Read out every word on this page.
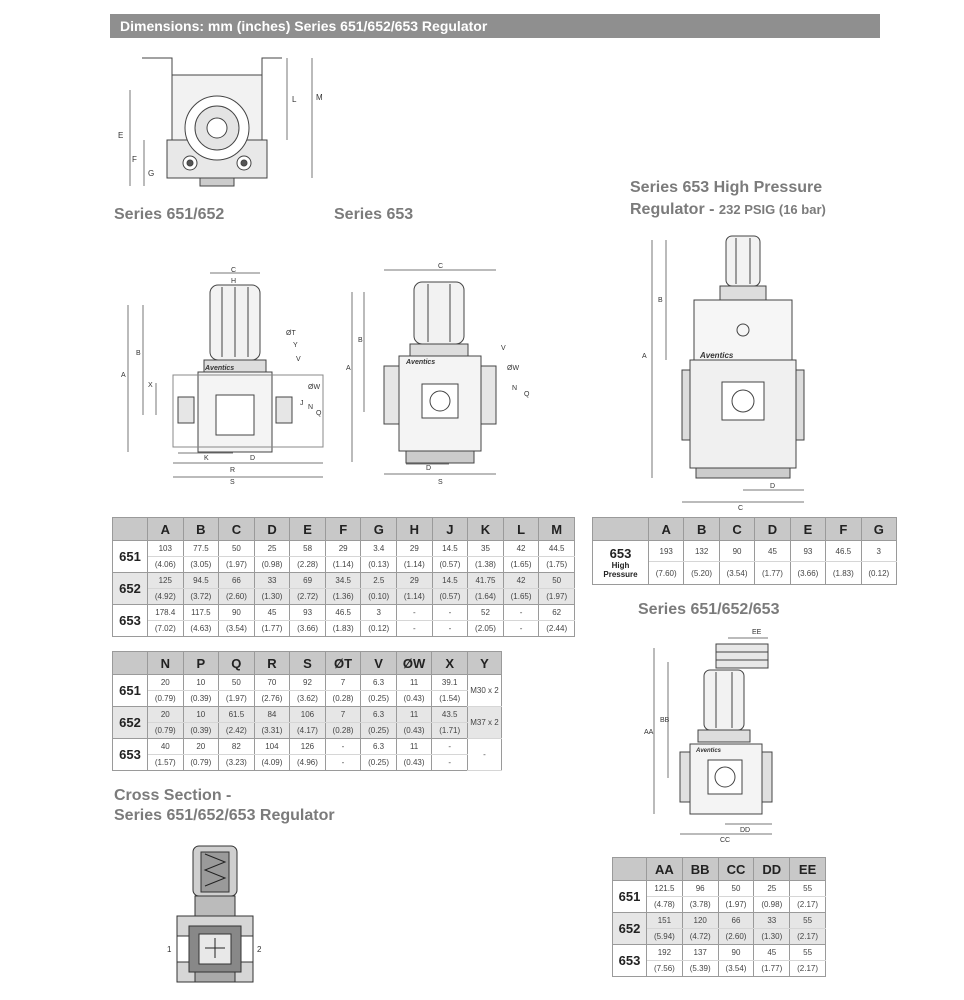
Dimensions: mm (inches) Series 651/652/653 Regulator
L M
E
F
G
Series 651/652	Series 653
Series 653 High Pressure
Regulator - 232 PSIG (16 bar)
Aventics
C
H
B
A
X
ØT
Y
V
ØW
J
N
Q
K	D
R
S
Aventics
C
B
A
V
ØW
N
Q
D
S
Aventics
A
B
C
D
	A	B	C	D	E	F	G	H	J	K	L	M
651	103	77.5	50	25	58	29	3.4	29	14.5	35	42	44.5
	(4.06)	(3.05)	(1.97)	(0.98)	(2.28)	(1.14)	(0.13)	(1.14)	(0.57)	(1.38)	(1.65)	(1.75)
652	125	94.5	66	33	69	34.5	2.5	29	14.5	41.75	42	50
	(4.92)	(3.72)	(2.60)	(1.30)	(2.72)	(1.36)	(0.10)	(1.14)	(0.57)	(1.64)	(1.65)	(1.97)
653	178.4	117.5	90	45	93	46.5	3	-	-	52	-	62
	(7.02)	(4.63)	(3.54)	(1.77)	(3.66)	(1.83)	(0.12)	-	-	(2.05)	-	(2.44)
	A	B	C	D	E	F	G
653
High
Pressure	193	132	90	45	93	46.5	3
	(7.60)	(5.20)	(3.54)	(1.77)	(3.66)	(1.83)	(0.12)
Series 651/652/653
	N	P	Q	R	S	ØT	V	ØW	X	Y
651	20	10	50	70	92	7	6.3	11	39.1	M30 x 2
	(0.79)	(0.39)	(1.97)	(2.76)	(3.62)	(0.28)	(0.25)	(0.43)	(1.54)	
652	20	10	61.5	84	106	7	6.3	11	43.5	M37 x 2
	(0.79)	(0.39)	(2.42)	(3.31)	(4.17)	(0.28)	(0.25)	(0.43)	(1.71)	
653	40	20	82	104	126	-	6.3	11	-	-
	(1.57)	(0.79)	(3.23)	(4.09)	(4.96)	-	(0.25)	(0.43)	-	
Aventics
EE
AA
BB
CC
DD
Cross Section -
Series 651/652/653 Regulator
1	2
	AA	BB	CC	DD	EE
651	121.5	96	50	25	55
	(4.78)	(3.78)	(1.97)	(0.98)	(2.17)
652	151	120	66	33	55
	(5.94)	(4.72)	(2.60)	(1.30)	(2.17)
653	192	137	90	45	55
	(7.56)	(5.39)	(3.54)	(1.77)	(2.17)
